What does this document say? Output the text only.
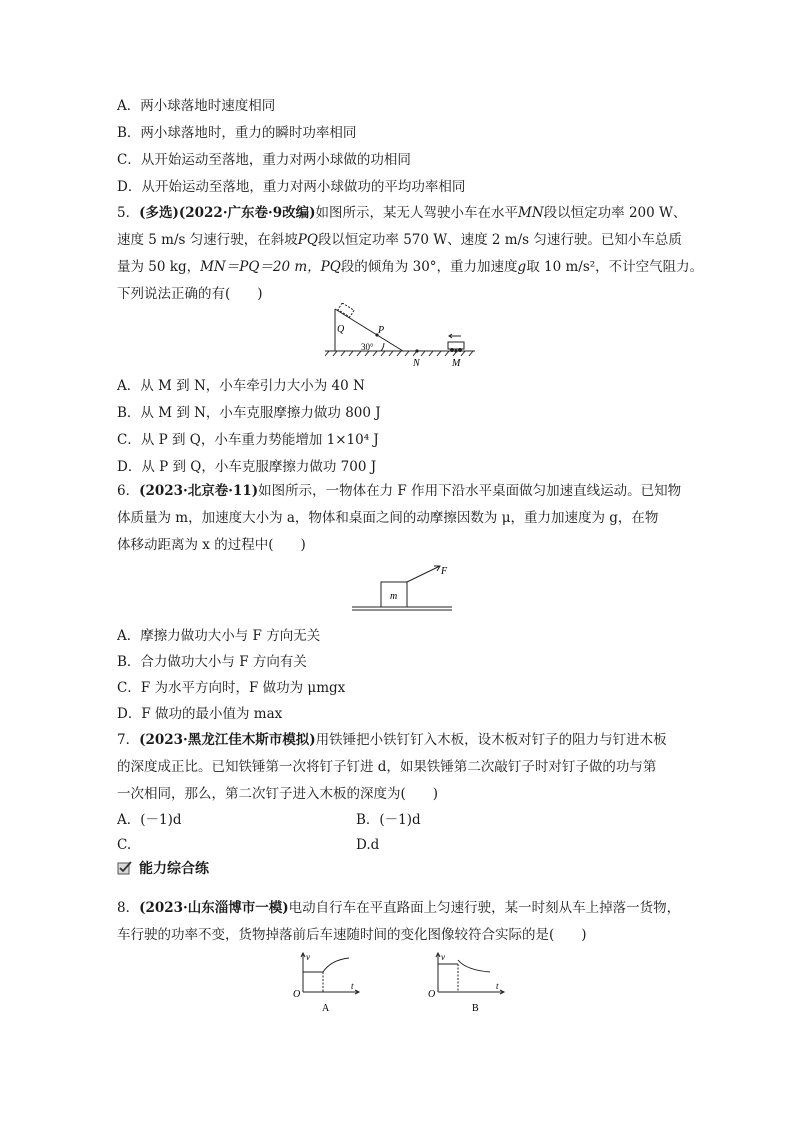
A．两小球落地时速度相同
B．两小球落地时，重力的瞬时功率相同
C．从开始运动至落地，重力对两小球做的功相同
D．从开始运动至落地，重力对两小球做功的平均功率相同
5．(多选)(2022·广东卷·9改编)如图所示，某无人驾驶小车在水平MN段以恒定功率 200 W、
速度 5 m/s 匀速行驶，在斜坡PQ段以恒定功率 570 W、速度 2 m/s 匀速行驶。已知小车总质
量为 50 kg，MN＝PQ＝20 m，PQ段的倾角为 30°，重力加速度g取 10 m/s²，不计空气阻力。
下列说法正确的有(　　)
Q	P
30°
N	M
A．从 M 到 N，小车牵引力大小为 40 N
B．从 M 到 N，小车克服摩擦力做功 800 J
C．从 P 到 Q，小车重力势能增加 1×10⁴ J
D．从 P 到 Q，小车克服摩擦力做功 700 J
6．(2023·北京卷·11)如图所示，一物体在力 F 作用下沿水平桌面做匀加速直线运动。已知物
体质量为 m，加速度大小为 a，物体和桌面之间的动摩擦因数为 μ，重力加速度为 g，在物
体移动距离为 x 的过程中(　　)
m
F
A．摩擦力做功大小与 F 方向无关
B．合力做功大小与 F 方向有关
C．F 为水平方向时，F 做功为 μmgx
D．F 做功的最小值为 max
7．(2023·黑龙江佳木斯市模拟)用铁锤把小铁钉钉入木板，设木板对钉子的阻力与钉进木板
的深度成正比。已知铁锤第一次将钉子钉进 d，如果铁锤第二次敲钉子时对钉子做的功与第
一次相同，那么，第二次钉子进入木板的深度为(　　)
A．(－1)d	B．(－1)d
C.	D.d
能力综合练
8．(2023·山东淄博市一模)电动自行车在平直路面上匀速行驶，某一时刻从车上掉落一货物，
车行驶的功率不变，货物掉落前后车速随时间的变化图像较符合实际的是(　　)
v
t
O
A
v
t
O
B
